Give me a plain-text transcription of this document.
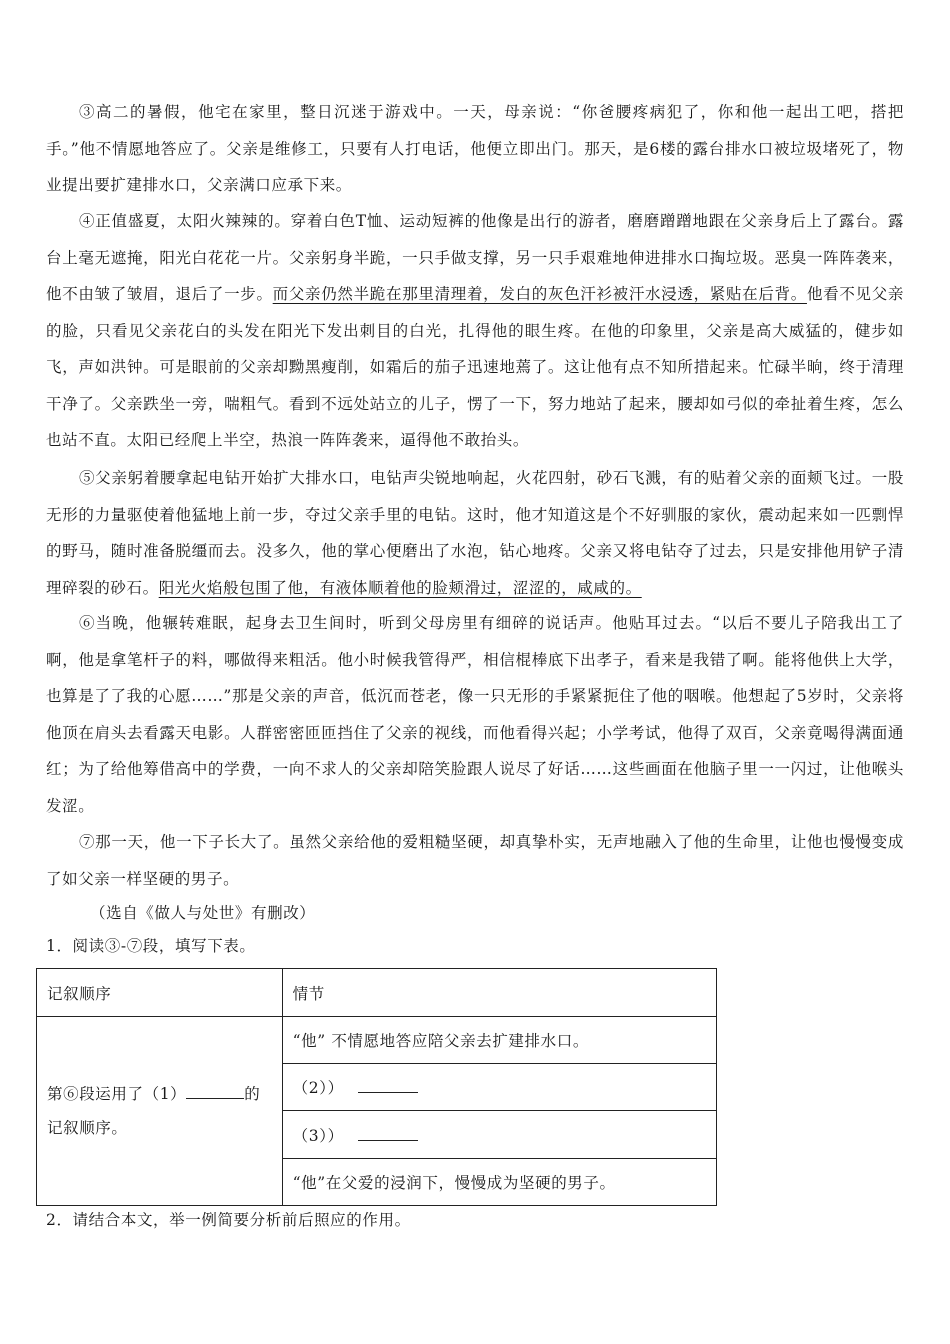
③高二的暑假，他宅在家里，整日沉迷于游戏中。一天，母亲说：“你爸腰疼病犯了，你和他一起出工吧，搭把手。”他不情愿地答应了。父亲是维修工，只要有人打电话，他便立即出门。那天，是6楼的露台排水口被垃圾堵死了，物业提出要扩建排水口，父亲满口应承下来。

④正值盛夏，太阳火辣辣的。穿着白色T恤、运动短裤的他像是出行的游者，磨磨蹭蹭地跟在父亲身后上了露台。露台上毫无遮掩，阳光白花花一片。父亲躬身半跪，一只手做支撑，另一只手艰难地伸进排水口掏垃圾。恶臭一阵阵袭来，他不由皱了皱眉，退后了一步。而父亲仍然半跪在那里清理着，发白的灰色汗衫被汗水浸透，紧贴在后背。他看不见父亲的脸，只看见父亲花白的头发在阳光下发出刺目的白光，扎得他的眼生疼。在他的印象里，父亲是高大威猛的，健步如飞，声如洪钟。可是眼前的父亲却黝黑瘦削，如霜后的茄子迅速地蔫了。这让他有点不知所措起来。忙碌半晌，终于清理干净了。父亲跌坐一旁，喘粗气。看到不远处站立的儿子，愣了一下，努力地站了起来，腰却如弓似的牵扯着生疼，怎么也站不直。太阳已经爬上半空，热浪一阵阵袭来，逼得他不敢抬头。

⑤父亲躬着腰拿起电钻开始扩大排水口，电钻声尖锐地响起，火花四射，砂石飞溅，有的贴着父亲的面颊飞过。一股无形的力量驱使着他猛地上前一步，夺过父亲手里的电钻。这时，他才知道这是个不好驯服的家伙，震动起来如一匹剽悍的野马，随时准备脱缰而去。没多久，他的掌心便磨出了水泡，钻心地疼。父亲又将电钻夺了过去，只是安排他用铲子清理碎裂的砂石。阳光火焰般包围了他，有液体顺着他的脸颊滑过，涩涩的，咸咸的。

⑥当晚，他辗转难眠，起身去卫生间时，听到父母房里有细碎的说话声。他贴耳过去。“以后不要儿子陪我出工了啊，他是拿笔杆子的料，哪做得来粗活。他小时候我管得严，相信棍棒底下出孝子，看来是我错了啊。能将他供上大学，也算是了了我的心愿……”那是父亲的声音，低沉而苍老，像一只无形的手紧紧扼住了他的咽喉。他想起了5岁时，父亲将他顶在肩头去看露天电影。人群密密匝匝挡住了父亲的视线，而他看得兴起；小学考试，他得了双百，父亲竟喝得满面通红；为了给他筹借高中的学费，一向不求人的父亲却陪笑脸跟人说尽了好话……这些画面在他脑子里一一闪过，让他喉头发涩。

⑦那一天，他一下子长大了。虽然父亲给他的爱粗糙坚硬，却真挚朴实，无声地融入了他的生命里，让他也慢慢变成了如父亲一样坚硬的男子。

（选自《做人与处世》有删改）
1．阅读③-⑦段，填写下表。
记叙顺序	情节
第⑥段运用了（1） 的
记叙顺序。	“他” 不情愿地答应陪父亲去扩建排水口。
	（2））
	（3））
	“他”在父爱的浸润下，慢慢成为坚硬的男子。
2．请结合本文，举一例简要分析前后照应的作用。
